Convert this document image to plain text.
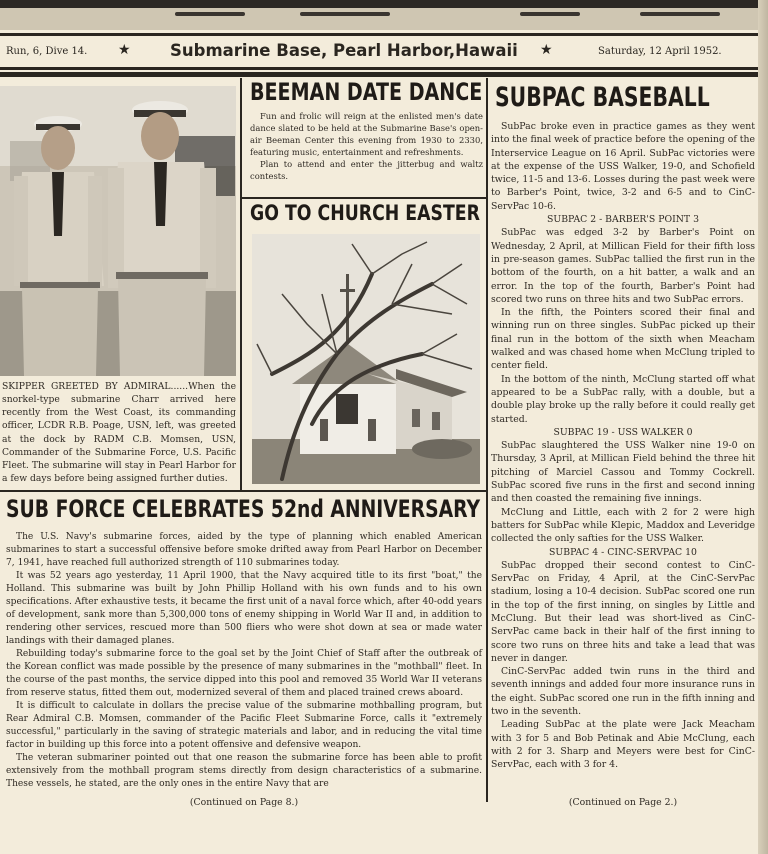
Run, 6, Dive 14. ★ Submarine Base, Pearl Harbor,Hawaii ★	Saturday, 12 April 1952.
SKIPPER GREETED BY ADMIRAL......When the snorkel-type submarine Charr arrived here recently from the West Coast, its commanding officer, LCDR R.B. Poage, USN, left, was greeted at the dock by RADM C.B. Momsen, USN, Commander of the Submarine Force, U.S. Pacific Fleet. The submarine will stay in Pearl Harbor for a few days before being assigned further duties.
BEEMAN DATE DANCE
Fun and frolic will reign at the enlisted men's date dance slated to be held at the Submarine Base's open-air Beeman Center this evening from 1930 to 2330, featuring music, entertainment and refreshments.
Plan to attend and enter the jitterbug and waltz contests.
GO TO CHURCH EASTER
SUB FORCE CELEBRATES 52nd ANNIVERSARY
The U.S. Navy's submarine forces, aided by the type of planning which enabled American submarines to start a successful offensive before smoke drifted away from Pearl Harbor on December 7, 1941, have reached full authorized strength of 110 submarines today.
It was 52 years ago yesterday, 11 April 1900, that the Navy acquired title to its first "boat," the Holland. This submarine was built by John Phillip Holland with his own funds and to his own specifications. After exhaustive tests, it became the first unit of a naval force which, after 40-odd years of development, sank more than 5,300,000 tons of enemy shipping in World War II and, in addition to rendering other services, rescued more than 500 fliers who were shot down at sea or made water landings with their damaged planes.
Rebuilding today's submarine force to the goal set by the Joint Chief of Staff after the outbreak of the Korean conflict was made possible by the presence of many submarines in the "mothball" fleet. In the course of the past months, the service dipped into this pool and removed 35 World War II veterans from reserve status, fitted them out, modernized several of them and placed trained crews aboard.
It is difficult to calculate in dollars the precise value of the submarine mothballing program, but Rear Admiral C.B. Momsen, commander of the Pacific Fleet Submarine Force, calls it "extremely successful," particularly in the saving of strategic materials and labor, and in reducing the vital time factor in building up this force into a potent offensive and defensive weapon.
The veteran submariner pointed out that one reason the submarine force has been able to profit extensively from the mothball program stems directly from design characteristics of a submarine. These vessels, he stated, are the only ones in the entire Navy that are
(Continued on Page 8.)
SUBPAC BASEBALL
SubPac broke even in practice games as they went into the final week of practice before the opening of the Interservice League on 16 April. SubPac victories were at the expense of the USS Walker, 19-0, and Schofield twice, 11-5 and 13-6. Losses during the past week were to Barber's Point, twice, 3-2 and 6-5 and to CinC-ServPac 10-6.
SUBPAC 2 - BARBER'S POINT 3
SubPac was edged 3-2 by Barber's Point on Wednesday, 2 April, at Millican Field for their fifth loss in pre-season games. SubPac tallied the first run in the bottom of the fourth, on a hit batter, a walk and an error. In the top of the fourth, Barber's Point had scored two runs on three hits and two SubPac errors.
In the fifth, the Pointers scored their final and winning run on three singles. SubPac picked up their final run in the bottom of the sixth when Meacham walked and was chased home when McClung tripled to center field.
In the bottom of the ninth, McClung started off what appeared to be a SubPac rally, with a double, but a double play broke up the rally before it could really get started.
SUBPAC 19 - USS WALKER 0
SubPac slaughtered the USS Walker nine 19-0 on Thursday, 3 April, at Millican Field behind the three hit pitching of Marciel Cassou and Tommy Cockrell. SubPac scored five runs in the first and second inning and then coasted the remaining five innings.
McClung and Little, each with 2 for 2 were high batters for SubPac while Klepic, Maddox and Leveridge collected the only safties for the USS Walker.
SUBPAC 4 - CINC-SERVPAC 10
SubPac dropped their second contest to CinC-ServPac on Friday, 4 April, at the CinC-ServPac stadium, losing a 10-4 decision. SubPac scored one run in the top of the first inning, on singles by Little and McClung. But their lead was short-lived as CinC-ServPac came back in their half of the first inning to score two runs on three hits and take a lead that was never in danger.
CinC-ServPac added twin runs in the third and seventh innings and added four more insurance runs in the eight. SubPac scored one run in the fifth inning and two in the seventh.
Leading SubPac at the plate were Jack Meacham with 3 for 5 and Bob Petinak and Abie McClung, each with 2 for 3. Sharp and Meyers were best for CinC-ServPac, each with 3 for 4.
(Continued on Page 2.)
